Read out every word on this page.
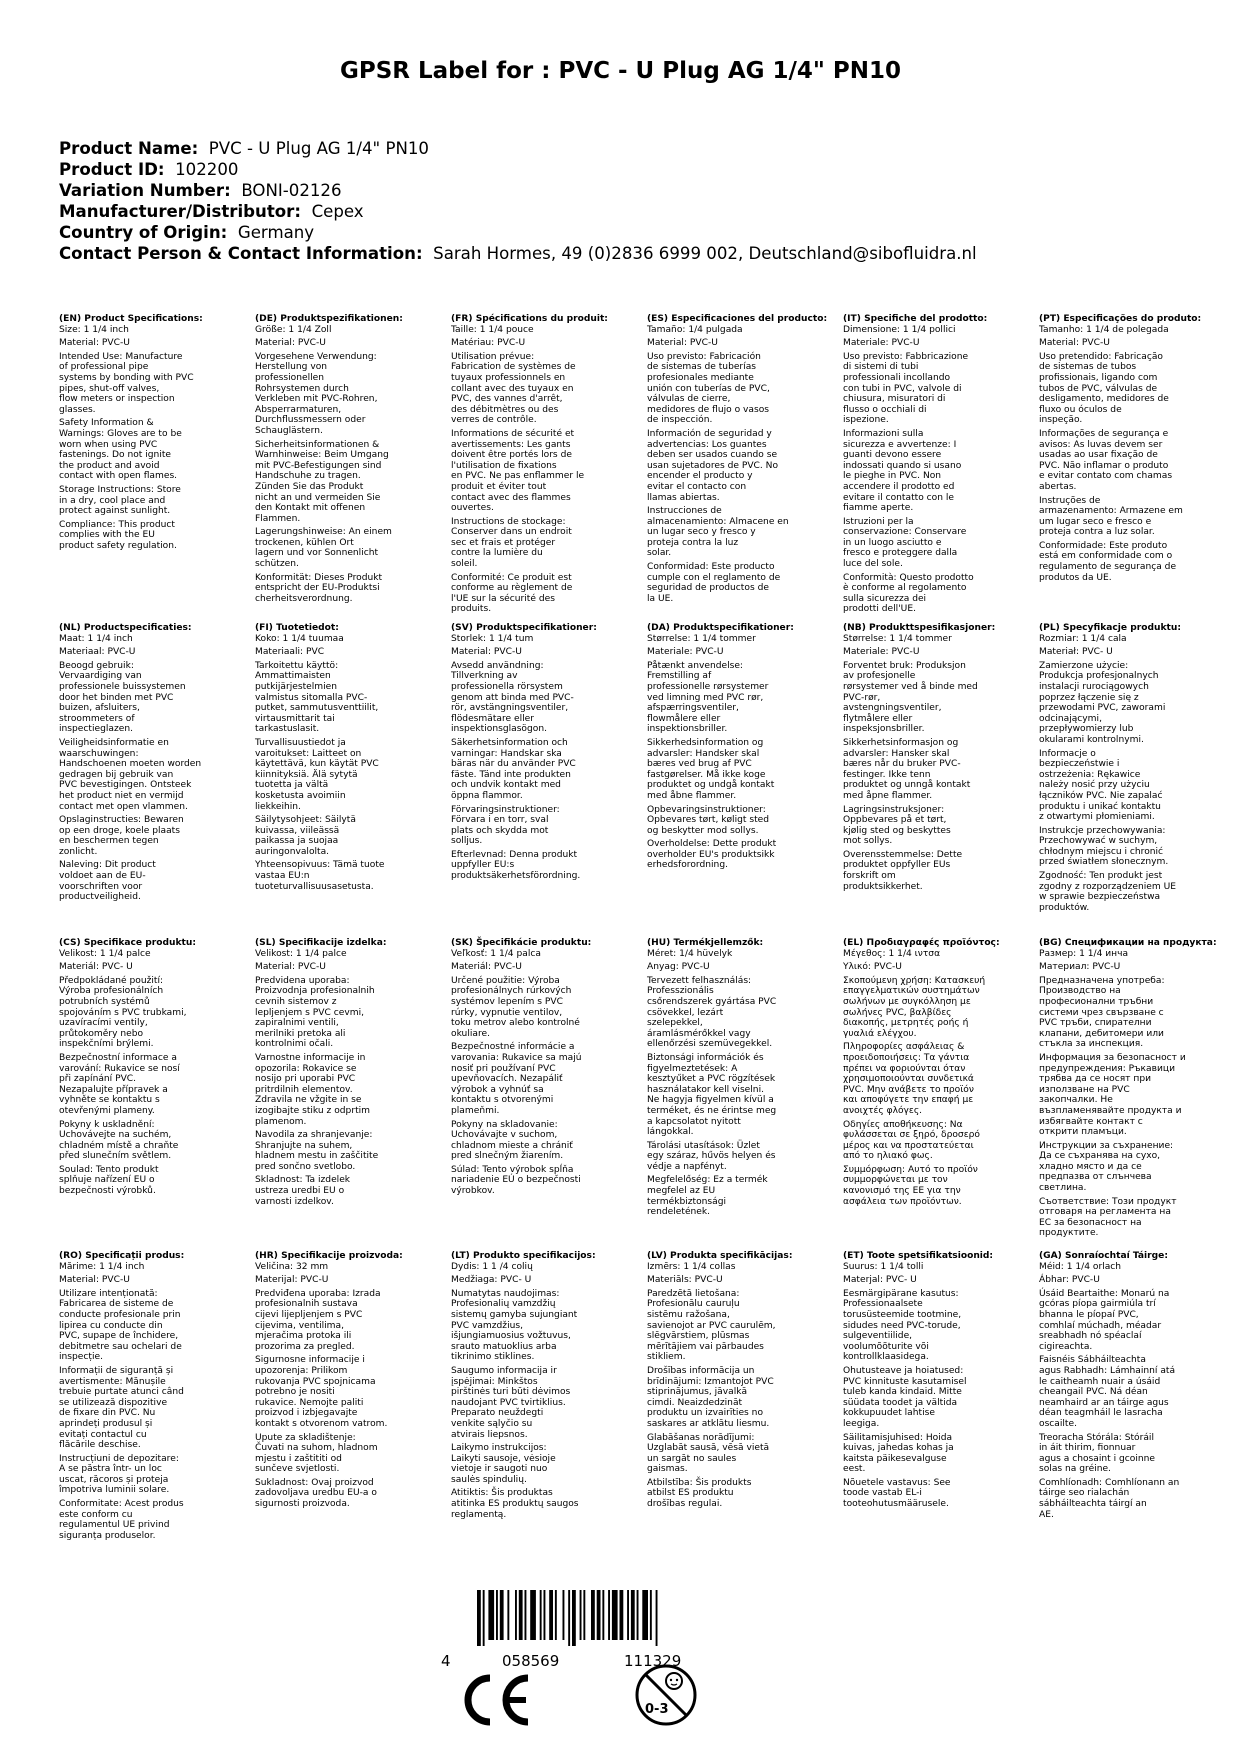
GPSR Label for : PVC - U Plug AG 1/4" PN10
Product Name:  PVC - U Plug AG 1/4" PN10
Product ID:  102200
Variation Number:  BONI-02126
Manufacturer/Distributor:  Cepex
Country of Origin:  Germany
Contact Person & Contact Information:  Sarah Hormes, 49 (0)2836 6999 002, Deutschland@sibofluidra.nl
(EN) Product Specifications:
Size: 1 1/4 inch
Material: PVC-U
Intended Use: Manufacture
of professional pipe
systems by bonding with PVC
pipes, shut-off valves,
flow meters or inspection
glasses.
Safety Information &
Warnings: Gloves are to be
worn when using PVC
fastenings. Do not ignite
the product and avoid
contact with open flames.
Storage Instructions: Store
in a dry, cool place and
protect against sunlight.
Compliance: This product
complies with the EU
product safety regulation.
(DE) Produktspezifikationen:
Größe: 1 1/4 Zoll
Material: PVC-U
Vorgesehene Verwendung:
Herstellung von
professionellen
Rohrsystemen durch
Verkleben mit PVC-Rohren,
Absperrarmaturen,
Durchflussmessern oder
Schauglästern.
Sicherheitsinformationen &
Warnhinweise: Beim Umgang
mit PVC-Befestigungen sind
Handschuhe zu tragen.
Zünden Sie das Produkt
nicht an und vermeiden Sie
den Kontakt mit offenen
Flammen.
Lagerungshinweise: An einem
trockenen, kühlen Ort
lagern und vor Sonnenlicht
schützen.
Konformität: Dieses Produkt
entspricht der EU-Produktsi
cherheitsverordnung.
(FR) Spécifications du produit:
Taille: 1 1/4 pouce
Matériau: PVC-U
Utilisation prévue:
Fabrication de systèmes de
tuyaux professionnels en
collant avec des tuyaux en
PVC, des vannes d'arrêt,
des débitmètres ou des
verres de contrôle.
Informations de sécurité et
avertissements: Les gants
doivent être portés lors de
l'utilisation de fixations
en PVC. Ne pas enflammer le
produit et éviter tout
contact avec des flammes
ouvertes.
Instructions de stockage:
Conserver dans un endroit
sec et frais et protéger
contre la lumière du
soleil.
Conformité: Ce produit est
conforme au règlement de
l'UE sur la sécurité des
produits.
(ES) Especificaciones del producto:
Tamaño: 1/4 pulgada
Material: PVC-U
Uso previsto: Fabricación
de sistemas de tuberías
profesionales mediante
unión con tuberías de PVC,
válvulas de cierre,
medidores de flujo o vasos
de inspección.
Información de seguridad y
advertencias: Los guantes
deben ser usados cuando se
usan sujetadores de PVC. No
encender el producto y
evitar el contacto con
llamas abiertas.
Instrucciones de
almacenamiento: Almacene en
un lugar seco y fresco y
proteja contra la luz
solar.
Conformidad: Este producto
cumple con el reglamento de
seguridad de productos de
la UE.
(IT) Specifiche del prodotto:
Dimensione: 1 1/4 pollici
Materiale: PVC-U
Uso previsto: Fabbricazione
di sistemi di tubi
professionali incollando
con tubi in PVC, valvole di
chiusura, misuratori di
flusso o occhiali di
ispezione.
Informazioni sulla
sicurezza e avvertenze: I
guanti devono essere
indossati quando si usano
le pieghe in PVC. Non
accendere il prodotto ed
evitare il contatto con le
fiamme aperte.
Istruzioni per la
conservazione: Conservare
in un luogo asciutto e
fresco e proteggere dalla
luce del sole.
Conformità: Questo prodotto
è conforme al regolamento
sulla sicurezza dei
prodotti dell'UE.
(PT) Especificações do produto:
Tamanho: 1 1/4 de polegada
Material: PVC-U
Uso pretendido: Fabricação
de sistemas de tubos
profissionais, ligando com
tubos de PVC, válvulas de
desligamento, medidores de
fluxo ou óculos de
inspeção.
Informações de segurança e
avisos: As luvas devem ser
usadas ao usar fixação de
PVC. Não inflamar o produto
e evitar contato com chamas
abertas.
Instruções de
armazenamento: Armazene em
um lugar seco e fresco e
proteja contra a luz solar.
Conformidade: Este produto
está em conformidade com o
regulamento de segurança de
produtos da UE.
(NL) Productspecificaties:
Maat: 1 1/4 inch
Materiaal: PVC-U
Beoogd gebruik:
Vervaardiging van
professionele buissystemen
door het binden met PVC
buizen, afsluiters,
stroommeters of
inspectieglazen.
Veiligheidsinformatie en
waarschuwingen:
Handschoenen moeten worden
gedragen bij gebruik van
PVC bevestigingen. Ontsteek
het product niet en vermijd
contact met open vlammen.
Opslaginstructies: Bewaren
op een droge, koele plaats
en beschermen tegen
zonlicht.
Naleving: Dit product
voldoet aan de EU-
voorschriften voor
productveiligheid.
(FI) Tuotetiedot:
Koko: 1 1/4 tuumaa
Materiaali: PVC
Tarkoitettu käyttö:
Ammattimaisten
putkijärjestelmien
valmistus sitomalla PVC-
putket, sammutusventtiilit,
virtausmittarit tai
tarkastuslasit.
Turvallisuustiedot ja
varoitukset: Laitteet on
käytettävä, kun käytät PVC
kiinnityksiä. Älä sytytä
tuotetta ja vältä
kosketusta avoimiin
liekkeihin.
Säilytysohjeet: Säilytä
kuivassa, viileässä
paikassa ja suojaa
auringonvalolta.
Yhteensopivuus: Tämä tuote
vastaa EU:n
tuoteturvallisuusasetusta.
(SV) Produktspecifikationer:
Storlek: 1 1/4 tum
Material: PVC-U
Avsedd användning:
Tillverkning av
professionella rörsystem
genom att binda med PVC-
rör, avstängningsventiler,
flödesmätare eller
inspektionsglasögon.
Säkerhetsinformation och
varningar: Handskar ska
bäras när du använder PVC
fäste. Tänd inte produkten
och undvik kontakt med
öppna flammor.
Förvaringsinstruktioner:
Förvara i en torr, sval
plats och skydda mot
solljus.
Efterlevnad: Denna produkt
uppfyller EU:s
produktsäkerhetsförordning.
(DA) Produktspecifikationer:
Størrelse: 1 1/4 tommer
Materiale: PVC-U
Påtænkt anvendelse:
Fremstilling af
professionelle rørsystemer
ved limning med PVC rør,
afspærringsventiler,
flowmålere eller
inspektionsbriller.
Sikkerhedsinformation og
advarsler: Handsker skal
bæres ved brug af PVC
fastgørelser. Må ikke koge
produktet og undgå kontakt
med åbne flammer.
Opbevaringsinstruktioner:
Opbevares tørt, køligt sted
og beskytter mod sollys.
Overholdelse: Dette produkt
overholder EU's produktsikk
erhedsforordning.
(NB) Produkttspesifikasjoner:
Størrelse: 1 1/4 tommer
Materiale: PVC-U
Forventet bruk: Produksjon
av profesjonelle
rørsystemer ved å binde med
PVC-rør,
avstengningsventiler,
flytmålere eller
inspeksjonsbriller.
Sikkerhetsinformasjon og
advarsler: Hansker skal
bæres når du bruker PVC-
festinger. Ikke tenn
produktet og unngå kontakt
med åpne flammer.
Lagringsinstruksjoner:
Oppbevares på et tørt,
kjølig sted og beskyttes
mot sollys.
Overensstemmelse: Dette
produktet oppfyller EUs
forskrift om
produktsikkerhet.
(PL) Specyfikacje produktu:
Rozmiar: 1 1/4 cala
Materiał: PVC- U
Zamierzone użycie:
Produkcja profesjonalnych
instalacji rurociągowych
poprzez łączenie się z
przewodami PVC, zaworami
odcinającymi,
przepływomierzy lub
okularami kontrolnymi.
Informacje o
bezpieczeństwie i
ostrzeżenia: Rękawice
należy nosić przy użyciu
łączników PVC. Nie zapalać
produktu i unikać kontaktu
z otwartymi płomieniami.
Instrukcje przechowywania:
Przechowywać w suchym,
chłodnym miejscu i chronić
przed światłem słonecznym.
Zgodność: Ten produkt jest
zgodny z rozporządzeniem UE
w sprawie bezpieczeństwa
produktów.
(CS) Specifikace produktu:
Velikost: 1 1/4 palce
Materiál: PVC- U
Předpokládané použití:
Výroba profesionálních
potrubních systémů
spojováním s PVC trubkami,
uzavíracími ventily,
průtokoměry nebo
inspekčními brýlemi.
Bezpečnostní informace a
varování: Rukavice se nosí
při zapínání PVC.
Nezapalujte přípravek a
vyhněte se kontaktu s
otevřenými plameny.
Pokyny k uskladnění:
Uchovávejte na suchém,
chladném místě a chraňte
před slunečním světlem.
Soulad: Tento produkt
splňuje nařízení EU o
bezpečnosti výrobků.
(SL) Specifikacije izdelka:
Velikost: 1 1/4 palce
Material: PVC-U
Predvidena uporaba:
Proizvodnja profesionalnih
cevnih sistemov z
lepljenjem s PVC cevmi,
zapiralnimi ventili,
merilniki pretoka ali
kontrolnimi očali.
Varnostne informacije in
opozorila: Rokavice se
nosijo pri uporabi PVC
pritrdilnih elementov.
Zdravila ne vžgite in se
izogibajte stiku z odprtim
plamenom.
Navodila za shranjevanje:
Shranjujte na suhem,
hladnem mestu in zaščitite
pred sončno svetlobo.
Skladnost: Ta izdelek
ustreza uredbi EU o
varnosti izdelkov.
(SK) Špecifikácie produktu:
Veľkosť: 1 1/4 palca
Materiál: PVC-U
Určené použitie: Výroba
profesionálnych rúrkových
systémov lepením s PVC
rúrky, vypnutie ventilov,
toku metrov alebo kontrolné
okuliare.
Bezpečnostné informácie a
varovania: Rukavice sa majú
nosiť pri používaní PVC
upevňovacích. Nezapáliť
výrobok a vyhnúť sa
kontaktu s otvorenými
plameňmi.
Pokyny na skladovanie:
Uchovávajte v suchom,
chladnom mieste a chrániť
pred slnečným žiarením.
Súlad: Tento výrobok spĺňa
nariadenie EÚ o bezpečnosti
výrobkov.
(HU) Termékjellemzők:
Méret: 1/4 hüvelyk
Anyag: PVC-U
Tervezett felhasználás:
Professzionális
csőrendszerek gyártása PVC
csövekkel, lezárt
szelepekkel,
áramlásmérőkkel vagy
ellenőrzési szemüvegekkel.
Biztonsági információk és
figyelmeztetések: A
kesztyűket a PVC rögzítések
használatakor kell viselni.
Ne hagyja figyelmen kívül a
terméket, és ne érintse meg
a kapcsolatot nyitott
lángokkal.
Tárolási utasítások: Üzlet
egy száraz, hűvös helyen és
védje a napfényt.
Megfelelőség: Ez a termék
megfelel az EU
termékbiztonsági
rendeletének.
(EL) Προδιαγραφές προϊόντος:
Μέγεθος: 1 1/4 ιντσα
Υλικό: PVC-U
Σκοπούμενη χρήση: Κατασκευή
επαγγελματικών συστημάτων
σωλήνων με συγκόλληση με
σωλήνες PVC, βαλβίδες
διακοπής, μετρητές ροής ή
γυαλιά ελέγχου.
Πληροφορίες ασφάλειας &
προειδοποιήσεις: Τα γάντια
πρέπει να φοριούνται όταν
χρησιμοποιούνται συνδετικά
PVC. Μην ανάβετε το προϊόν
και αποφύγετε την επαφή με
ανοιχτές φλόγες.
Οδηγίες αποθήκευσης: Να
φυλάσσεται σε ξηρό, δροσερό
μέρος και να προστατεύεται
από το ηλιακό φως.
Συμμόρφωση: Αυτό το προϊόν
συμμορφώνεται με τον
κανονισμό της ΕΕ για την
ασφάλεια των προϊόντων.
(BG) Спецификации на продукта:
Размер: 1 1/4 инча
Материал: PVC-U
Предназначена употреба:
Производство на
професионални тръбни
системи чрез свързване с
PVC тръби, спирателни
клапани, дебитомери или
стъкла за инспекция.
Информация за безопасност и
предупреждения: Ръкавици
трябва да се носят при
използване на PVC
закопчалки. Не
възпламенявайте продукта и
избягвайте контакт с
открити пламъци.
Инструкции за съхранение:
Да се съхранява на сухо,
хладно място и да се
предпазва от слънчева
светлина.
Съответствие: Този продукт
отговаря на регламента на
ЕС за безопасност на
продуктите.
(RO) Specificații produs:
Mărime: 1 1/4 inch
Material: PVC-U
Utilizare intenționată:
Fabricarea de sisteme de
conducte profesionale prin
lipirea cu conducte din
PVC, supape de închidere,
debitmetre sau ochelari de
inspecție.
Informații de siguranță și
avertismente: Mănușile
trebuie purtate atunci când
se utilizează dispozitive
de fixare din PVC. Nu
aprindeți produsul și
evitați contactul cu
flăcările deschise.
Instrucțiuni de depozitare:
A se păstra într- un loc
uscat, răcoros și proteja
împotriva luminii solare.
Conformitate: Acest produs
este conform cu
regulamentul UE privind
siguranța produselor.
(HR) Specifikacije proizvoda:
Veličina: 32 mm
Materijal: PVC-U
Predviđena uporaba: Izrada
profesionalnih sustava
cijevi lijepljenjem s PVC
cijevima, ventilima,
mjeračima protoka ili
prozorima za pregled.
Sigurnosne informacije i
upozorenja: Prilikom
rukovanja PVC spojnicama
potrebno je nositi
rukavice. Nemojte paliti
proizvod i izbjegavajte
kontakt s otvorenom vatrom.
Upute za skladištenje:
Čuvati na suhom, hladnom
mjestu i zaštititi od
sunčeve svjetlosti.
Sukladnost: Ovaj proizvod
zadovoljava uredbu EU-a o
sigurnosti proizvoda.
(LT) Produkto specifikacijos:
Dydis: 1 1 /4 colių
Medžiaga: PVC- U
Numatytas naudojimas:
Profesionalių vamzdžių
sistemų gamyba sujungiant
PVC vamzdžius,
išjungiamuosius vožtuvus,
srauto matuoklius arba
tikrinimo stiklines.
Saugumo informacija ir
įspėjimai: Minkštos
pirštinės turi būti dėvimos
naudojant PVC tvirtiklius.
Preparato neuždegti
venkite sąlyčio su
atvirais liepsnos.
Laikymo instrukcijos:
Laikyti sausoje, vėsioje
vietoje ir saugoti nuo
saulės spindulių.
Atitiktis: Šis produktas
atitinka ES produktų saugos
reglamentą.
(LV) Produkta specifikācijas:
Izmērs: 1 1/4 collas
Materiāls: PVC-U
Paredzētā lietošana:
Profesionālu cauruļu
sistēmu ražošana,
savienojot ar PVC caurulēm,
slēgvārstiem, plūsmas
mērītājiem vai pārbaudes
stikliem.
Drošības informācija un
brīdinājumi: Izmantojot PVC
stiprinājumus, jāvalkā
cimdi. Neaizdedzināt
produktu un izvairīties no
saskares ar atklātu liesmu.
Glabāšanas norādījumi:
Uzglabāt sausā, vēsā vietā
un sargāt no saules
gaismas.
Atbilstība: Šis produkts
atbilst ES produktu
drošības regulai.
(ET) Toote spetsifikatsioonid:
Suurus: 1 1/4 tolli
Materjal: PVC- U
Eesmärgipärane kasutus:
Professionaalsete
torusüsteemide tootmine,
sidudes need PVC-torude,
sulgeventiilide,
voolumõõturite või
kontrollklaasidega.
Ohutusteave ja hoiatused:
PVC kinnituste kasutamisel
tuleb kanda kindaid. Mitte
süüdata toodet ja vältida
kokkupuudet lahtise
leegiga.
Säilitamisjuhised: Hoida
kuivas, jahedas kohas ja
kaitsta päikesevalguse
eest.
Nõuetele vastavus: See
toode vastab EL-i
tooteohutusmäärusele.
(GA) Sonraíochtaí Táirge:
Méid: 1 1/4 orlach
Ábhar: PVC-U
Úsáid Beartaithe: Monarú na
gcóras píopa gairmiúla trí
bhanna le píopaí PVC,
comhlaí múchadh, méadar
sreabhadh nó spéaclaí
cigireachta.
Faisnéis Sábháilteachta
agus Rabhadh: Lámhainní atá
le caitheamh nuair a úsáid
cheangail PVC. Ná déan
neamhaird ar an táirge agus
déan teagmháil le lasracha
oscailte.
Treoracha Stórála: Stóráil
in áit thirim, fionnuar
agus a chosaint i gcoinne
solas na gréine.
Comhlíonadh: Comhlíonann an
táirge seo rialachán
sábháilteachta táirgí an
AE.
4	058569	111329
0-3
